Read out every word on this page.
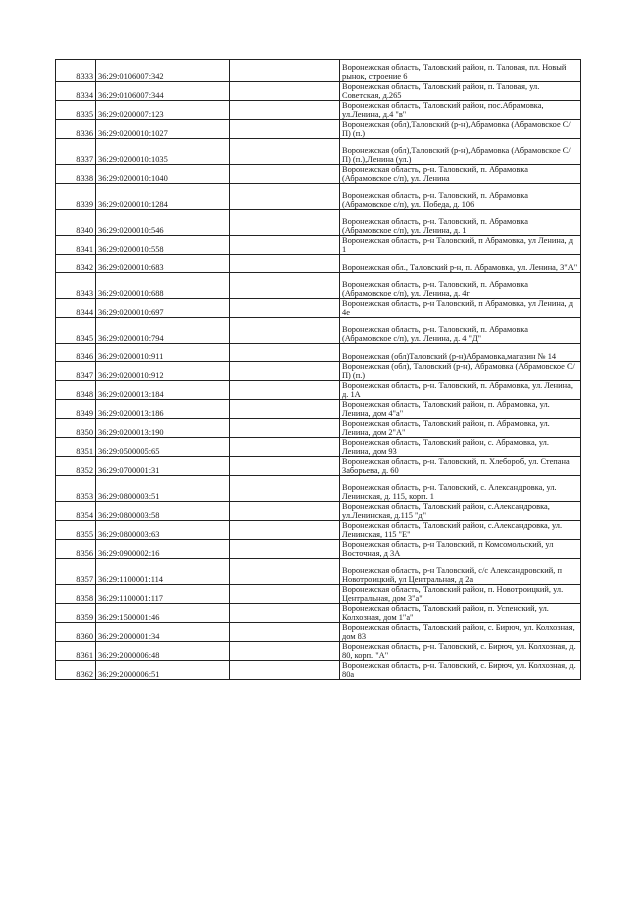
8333	36:29:0106007:342		Воронежская область, Таловский район, п. Таловая, пл. Новый рынок, строение 6
8334	36:29:0106007:344		Воронежская область, Таловский район, п. Таловая, ул. Советская, д.265
8335	36:29:0200007:123		Воронежская область, Таловский район, пос.Абрамовка, ул.Ленина, д.4 "в"
8336	36:29:0200010:1027		Воронежская (обл),Таловский (р-н),Абрамовка (Абрамовское С/П) (п.)
8337	36:29:0200010:1035		Воронежская (обл),Таловский (р-н),Абрамовка (Абрамовское С/П) (п.),Ленина (ул.)
8338	36:29:0200010:1040		Воронежская область, р-н. Таловский, п. Абрамовка (Абрамовское с/п), ул. Ленина
8339	36:29:0200010:1284		Воронежская область, р-н. Таловский, п. Абрамовка (Абрамовское с/п), ул. Победа, д. 106
8340	36:29:0200010:546		Воронежская область, р-н. Таловский, п. Абрамовка (Абрамовское с/п), ул. Ленина, д. 1
8341	36:29:0200010:558		Воронежская область, р-н Таловский, п Абрамовка, ул Ленина, д 1
8342	36:29:0200010:683		Воронежская обл., Таловский р-н, п. Абрамовка, ул. Ленина, 3"А"
8343	36:29:0200010:688		Воронежская область, р-н. Таловский, п. Абрамовка (Абрамовское с/п), ул. Ленина, д. 4г
8344	36:29:0200010:697		Воронежская область, р-н Таловский, п Абрамовка, ул Ленина, д 4е
8345	36:29:0200010:794		Воронежская область, р-н. Таловский, п. Абрамовка (Абрамовское с/п), ул. Ленина, д. 4 "Д"
8346	36:29:0200010:911		Воронежская (обл)Таловский (р-н)Абрамовка,магазин № 14
8347	36:29:0200010:912		Воронежская (обл), Таловский (р-н), Абрамовка (Абрамовское С/П) (п.)
8348	36:29:0200013:184		Воронежская область, р-н. Таловский, п. Абрамовка, ул. Ленина, д. 1А
8349	36:29:0200013:186		Воронежская область, Таловский район, п. Абрамовка, ул. Ленина, дом 4"а"
8350	36:29:0200013:190		Воронежская область, Таловский район, п. Абрамовка, ул. Ленина, дом 2"А"
8351	36:29:0500005:65		Воронежская область, Таловский район, с. Абрамовка, ул. Ленина, дом 93
8352	36:29:0700001:31		Воронежская область, р-н. Таловский, п. Хлебороб, ул. Степана Заборьева, д. 60
8353	36:29:0800003:51		Воронежская область, р-н. Таловский, с. Александровка, ул. Ленинская, д. 115, корп. 1
8354	36:29:0800003:58		Воронежская область, Таловский район, с.Александровка, ул.Ленинская, д.115 "д"
8355	36:29:0800003:63		Воронежская область, Таловский район, с.Александровка, ул. Ленинская, 115 "Е"
8356	36:29:0900002:16		Воронежская область, р-н Таловский, п Комсомольский, ул Восточная, д 3А
8357	36:29:1100001:114		Воронежская область, р-н Таловский, с/с Александровский, п Новотроицкий, ул Центральная, д 2а
8358	36:29:1100001:117		Воронежская область, Таловский район, п. Новотроицкий, ул. Центральная, дом 3"а"
8359	36:29:1500001:46		Воронежская область, Таловский район, п. Успенский, ул. Колхозная, дом 1"а"
8360	36:29:2000001:34		Воронежская область, Таловский район, с. Бирюч, ул. Колхозная, дом 83
8361	36:29:2000006:48		Воронежская область, р-н. Таловский, с. Бирюч, ул. Колхозная, д. 80, корп. "А"
8362	36:29:2000006:51		Воронежская область, р-н. Таловский, с. Бирюч, ул. Колхозная, д. 80а
